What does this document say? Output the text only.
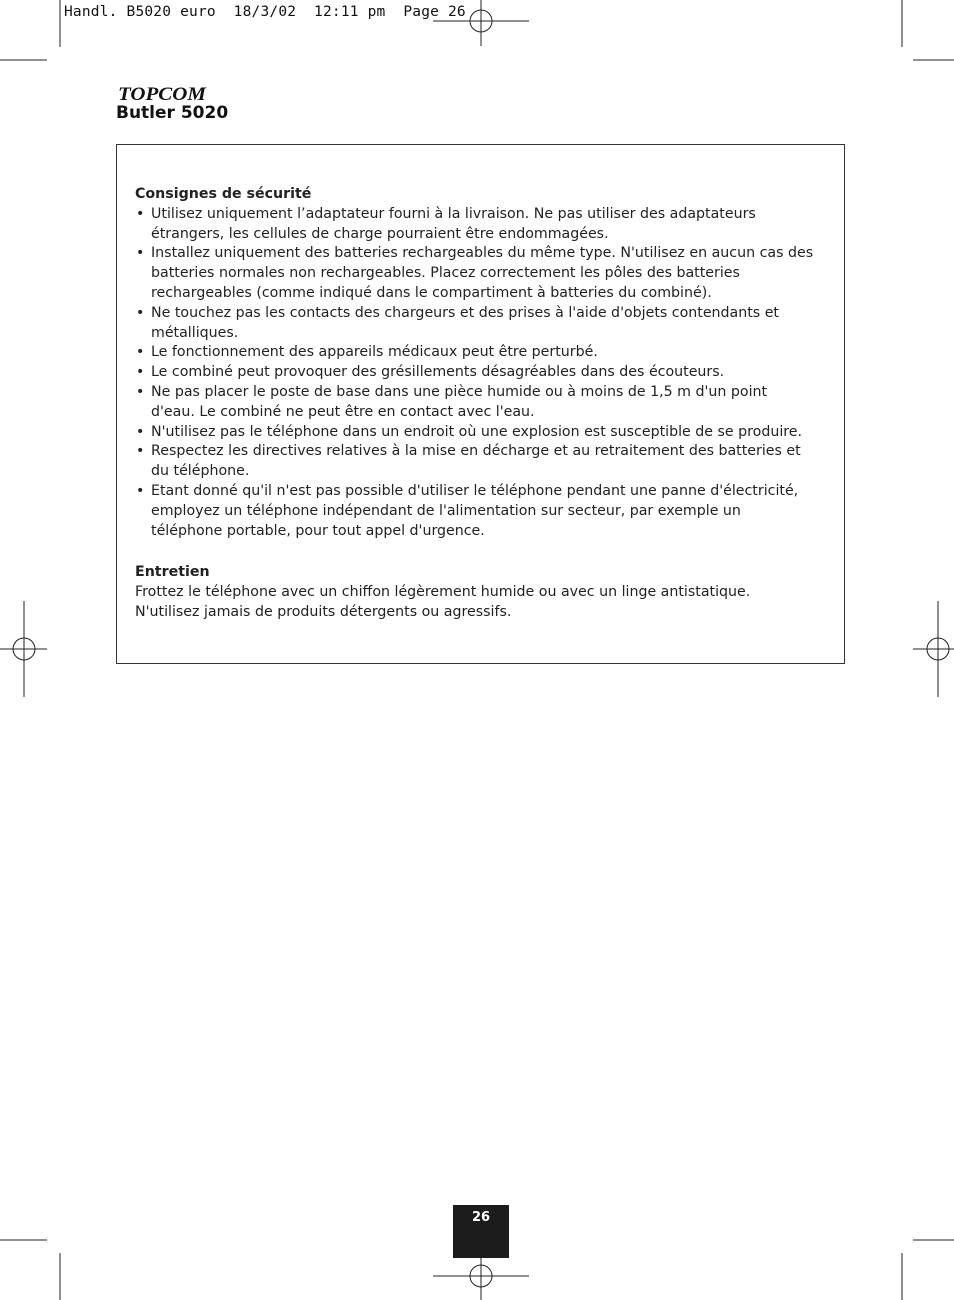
Handl. B5020 euro  18/3/02  12:11 pm  Page 26
TOPCOM
Butler 5020

Consignes de sécurité

• Utilisez uniquement l’adaptateur fourni à la livraison. Ne pas utiliser des adaptateurs étrangers, les cellules de charge pourraient être endommagées.
• Installez uniquement des batteries rechargeables du même type. N'utilisez en aucun cas des batteries normales non rechargeables. Placez correctement les pôles des batteries rechargeables (comme indiqué dans le compartiment à batteries du combiné).
• Ne touchez pas les contacts des chargeurs et des prises à l'aide d'objets contendants et métalliques.
• Le fonctionnement des appareils médicaux peut être perturbé.
• Le combiné peut provoquer des grésillements désagréables dans des écouteurs.
• Ne pas placer le poste de base dans une pièce humide ou à moins de 1,5 m d'un point d'eau. Le combiné ne peut être en contact avec l'eau.
• N'utilisez pas le téléphone dans un endroit où une explosion est susceptible de se produire.
• Respectez les directives relatives à la mise en décharge et au retraitement des batteries et du téléphone.
• Etant donné qu'il n'est pas possible d'utiliser le téléphone pendant une panne d'électricité, employez un téléphone indépendant de l'alimentation sur secteur, par exemple un téléphone portable, pour tout appel d'urgence.

Entretien

Frottez le téléphone avec un chiffon légèrement humide ou avec un linge antistatique. N'utilisez jamais de produits détergents ou agressifs.

26
